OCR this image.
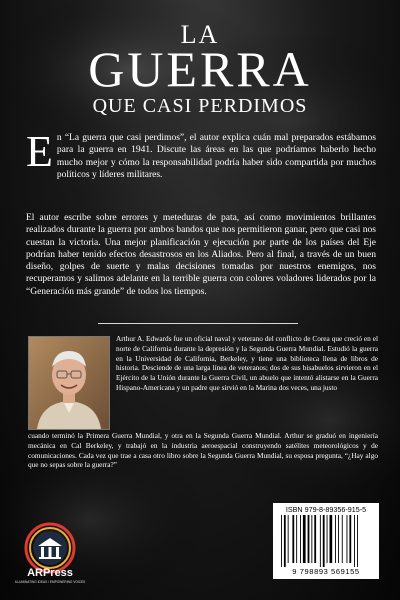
LA
GUERRA
QUE CASI PERDIMOS
E n “La guerra que casi perdimos”, el autor explica cuán mal preparados estábamos para la guerra en 1941. Discute las áreas en las que podríamos haberlo hecho mucho mejor y cómo la responsabilidad podría haber sido compartida por muchos políticos y líderes militares.
El autor escribe sobre errores y meteduras de pata, así como movimientos brillantes realizados durante la guerra por ambos bandos que nos permitieron ganar, pero que casi nos cuestan la victoria. Una mejor planificación y ejecución por parte de los países del Eje podrían haber tenido efectos desastrosos en los Aliados. Pero al final, a través de un buen diseño, golpes de suerte y malas decisiones tomadas por nuestros enemigos, nos recuperamos y salimos adelante en la terrible guerra con colores voladores liderados por la “Generación más grande” de todos los tiempos.
Arthur A. Edwards fue un oficial naval y veterano del conflicto de Corea que creció en el norte de California durante la depresión y la Segunda Guerra Mundial. Estudió la guerra en la Universidad de California, Berkeley, y tiene una biblioteca llena de libros de historia. Desciende de una larga línea de veteranos; dos de sus bisabuelos sirvieron en el Ejército de la Unión durante la Guerra Civil, un abuelo que intentó alistarse en la Guerra Hispano-Americana y un padre que sirvió en la Marina dos veces, una justo
cuando terminó la Primera Guerra Mundial, y otra en la Segunda Guerra Mundial. Arthur se graduó en ingeniería mecánica en Cal Berkeley, y trabajó en la industria aeroespacial construyendo satélites meteorológicos y de comunicaciones. Cada vez que trae a casa otro libro sobre la Segunda Guerra Mundial, su esposa pregunta, “¿Hay algo que no sepas sobre la guerra?”
ARPress
ILLUMINATING IDEAS / EMPOWERING VOICES
ISBN 979-8-89356-915-5
9 798893 569155
